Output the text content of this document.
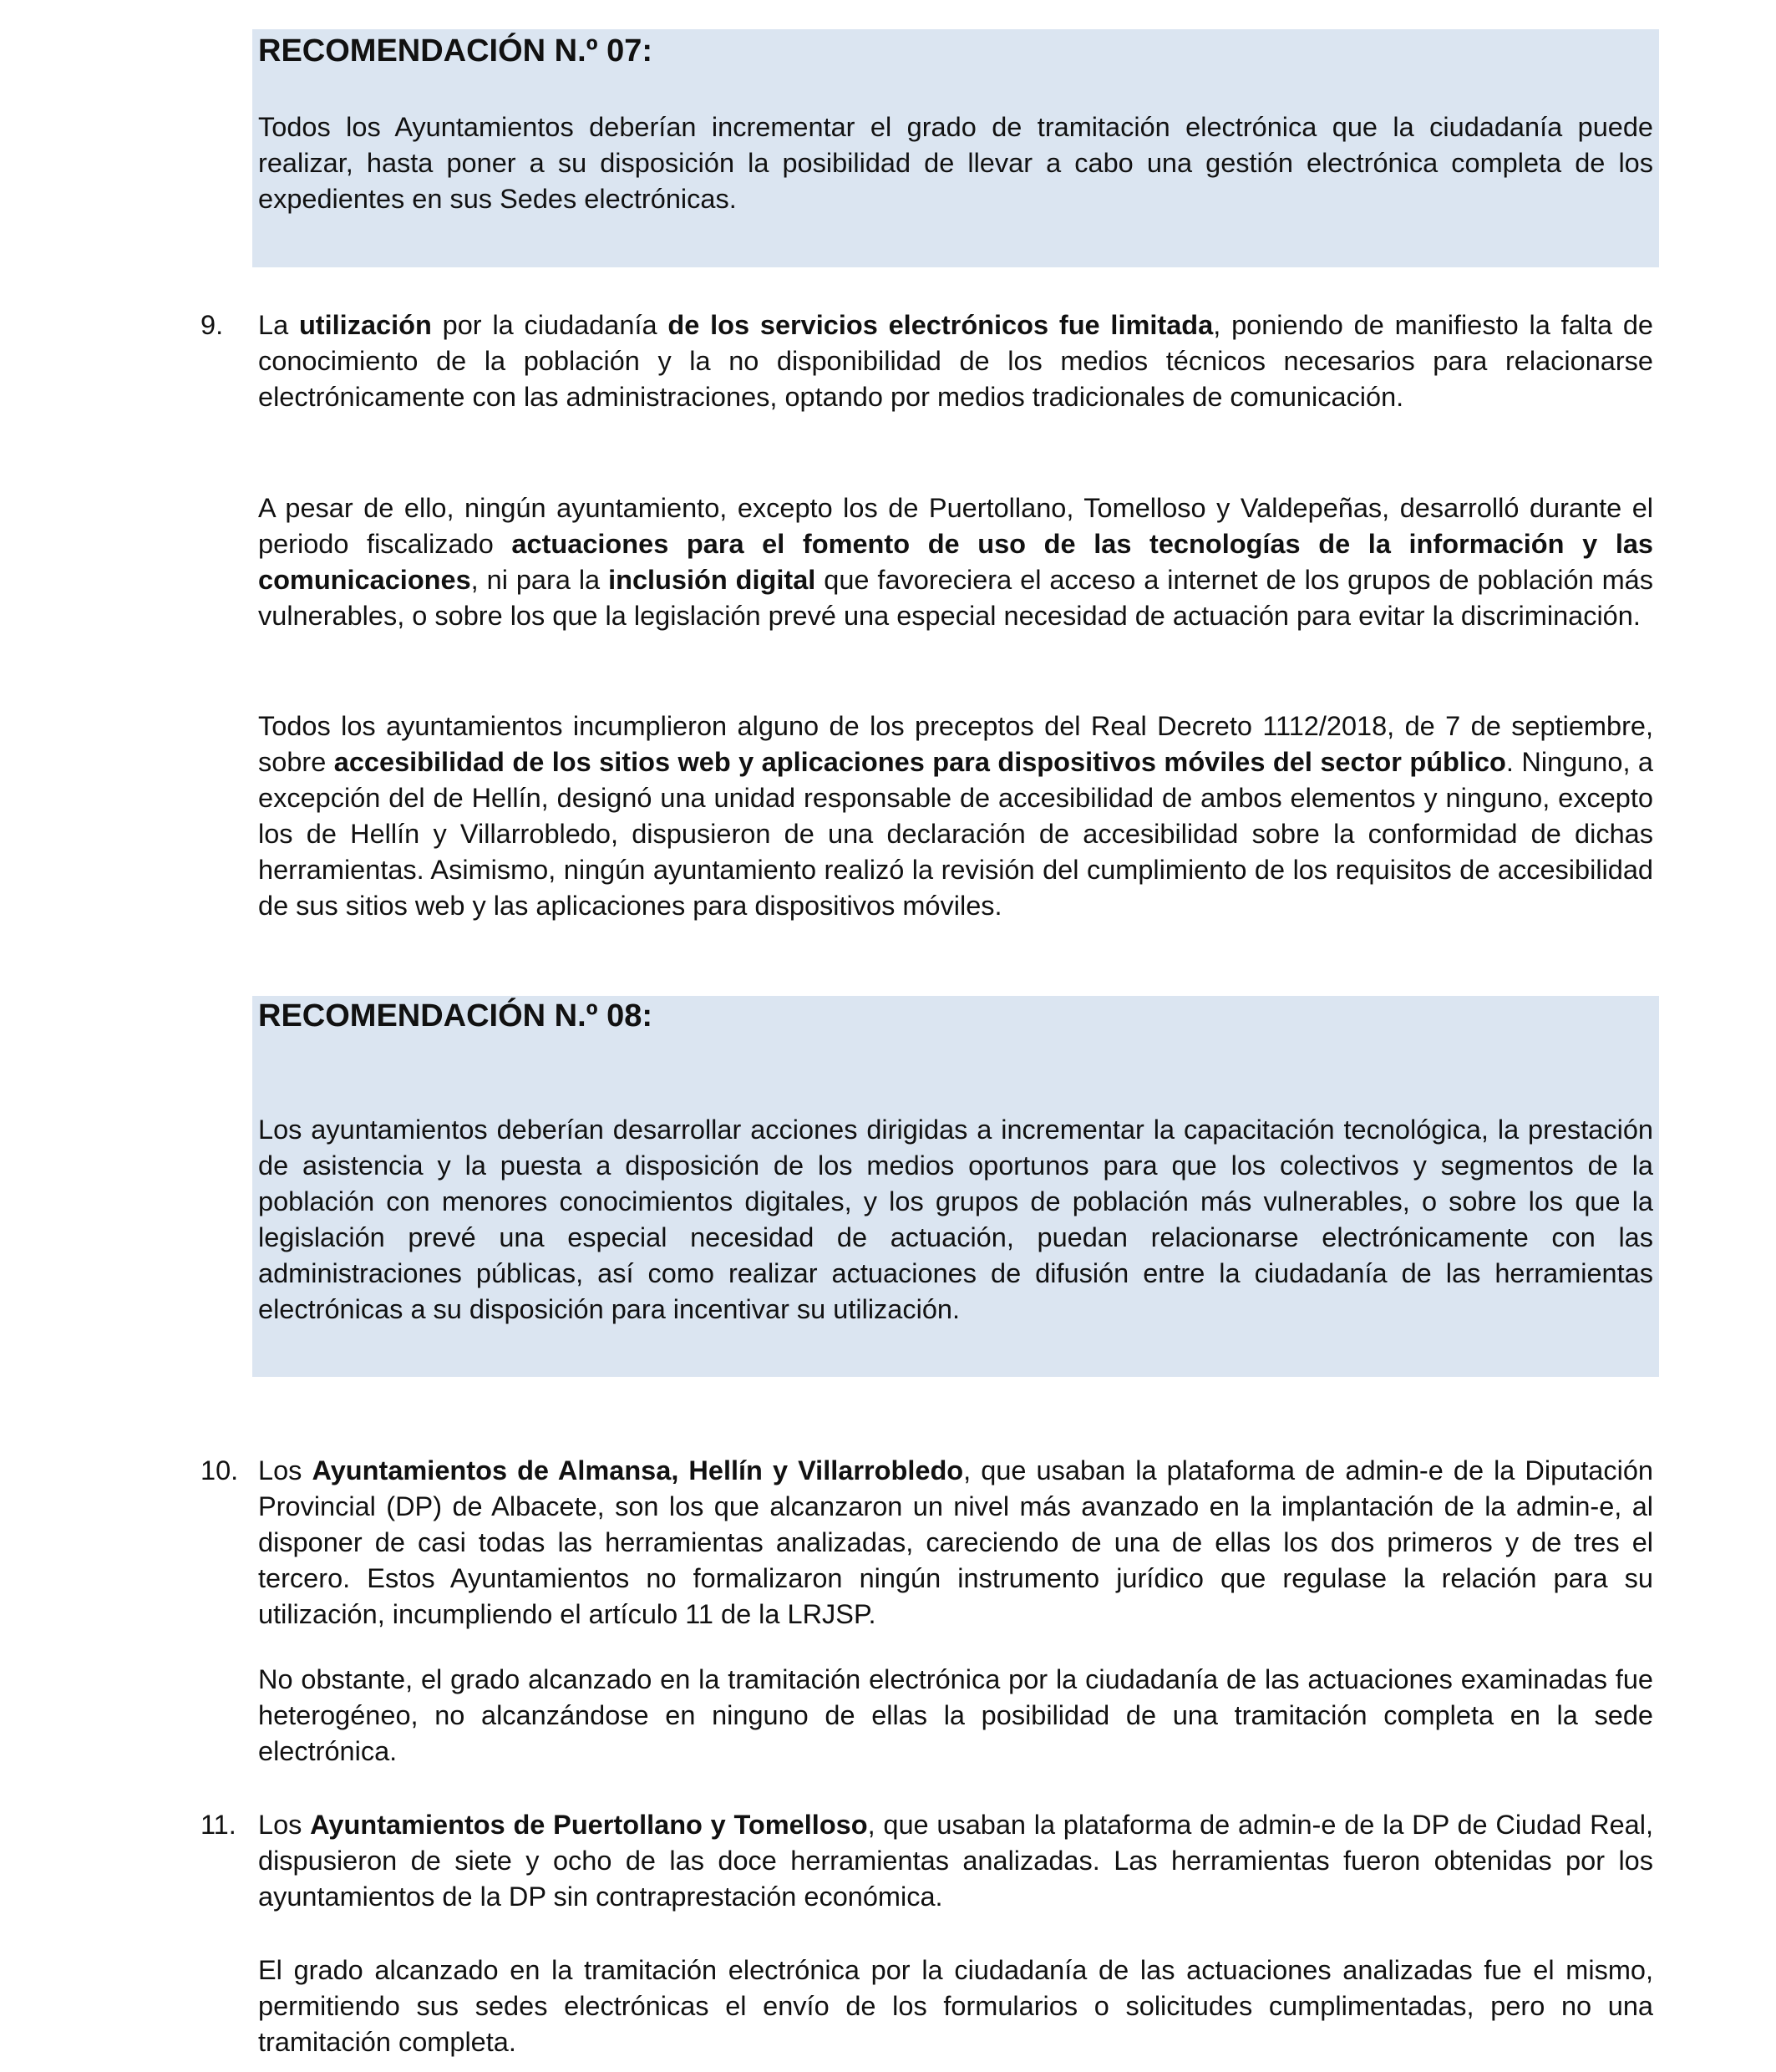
RECOMENDACIÓN N.º 07:
Todos los Ayuntamientos deberían incrementar el grado de tramitación electrónica que la ciudadanía puede realizar, hasta poner a su disposición la posibilidad de llevar a cabo una gestión electrónica completa de los expedientes en sus Sedes electrónicas.
9. La utilización por la ciudadanía de los servicios electrónicos fue limitada, poniendo de manifiesto la falta de conocimiento de la población y la no disponibilidad de los medios técnicos necesarios para relacionarse electrónicamente con las administraciones, optando por medios tradicionales de comunicación.
A pesar de ello, ningún ayuntamiento, excepto los de Puertollano, Tomelloso y Valdepeñas, desarrolló durante el periodo fiscalizado actuaciones para el fomento de uso de las tecnologías de la información y las comunicaciones, ni para la inclusión digital que favoreciera el acceso a internet de los grupos de población más vulnerables, o sobre los que la legislación prevé una especial necesidad de actuación para evitar la discriminación.
Todos los ayuntamientos incumplieron alguno de los preceptos del Real Decreto 1112/2018, de 7 de septiembre, sobre accesibilidad de los sitios web y aplicaciones para dispositivos móviles del sector público. Ninguno, a excepción del de Hellín, designó una unidad responsable de accesibilidad de ambos elementos y ninguno, excepto los de Hellín y Villarrobledo, dispusieron de una declaración de accesibilidad sobre la conformidad de dichas herramientas. Asimismo, ningún ayuntamiento realizó la revisión del cumplimiento de los requisitos de accesibilidad de sus sitios web y las aplicaciones para dispositivos móviles.
RECOMENDACIÓN N.º 08:
Los ayuntamientos deberían desarrollar acciones dirigidas a incrementar la capacitación tecnológica, la prestación de asistencia y la puesta a disposición de los medios oportunos para que los colectivos y segmentos de la población con menores conocimientos digitales, y los grupos de población más vulnerables, o sobre los que la legislación prevé una especial necesidad de actuación, puedan relacionarse electrónicamente con las administraciones públicas, así como realizar actuaciones de difusión entre la ciudadanía de las herramientas electrónicas a su disposición para incentivar su utilización.
10. Los Ayuntamientos de Almansa, Hellín y Villarrobledo, que usaban la plataforma de admin-e de la Diputación Provincial (DP) de Albacete, son los que alcanzaron un nivel más avanzado en la implantación de la admin-e, al disponer de casi todas las herramientas analizadas, careciendo de una de ellas los dos primeros y de tres el tercero. Estos Ayuntamientos no formalizaron ningún instrumento jurídico que regulase la relación para su utilización, incumpliendo el artículo 11 de la LRJSP.
No obstante, el grado alcanzado en la tramitación electrónica por la ciudadanía de las actuaciones examinadas fue heterogéneo, no alcanzándose en ninguno de ellas la posibilidad de una tramitación completa en la sede electrónica.
11. Los Ayuntamientos de Puertollano y Tomelloso, que usaban la plataforma de admin-e de la DP de Ciudad Real, dispusieron de siete y ocho de las doce herramientas analizadas. Las herramientas fueron obtenidas por los ayuntamientos de la DP sin contraprestación económica.
El grado alcanzado en la tramitación electrónica por la ciudadanía de las actuaciones analizadas fue el mismo, permitiendo sus sedes electrónicas el envío de los formularios o solicitudes cumplimentadas, pero no una tramitación completa.
